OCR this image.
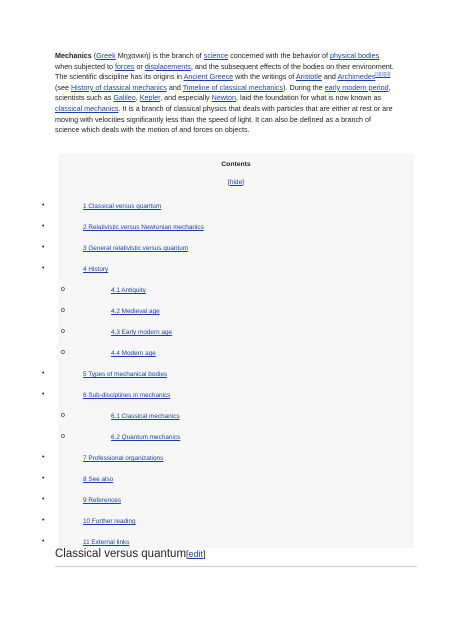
Mechanics (Greek Μηχανική) is the branch of science concerned with the behavior of physical bodies when subjected to forces or displacements, and the subsequent effects of the bodies on their environment. The scientific discipline has its origins in Ancient Greece with the writings of Aristotle and Archimedes[1][2][3] (see History of classical mechanics and Timeline of classical mechanics). During the early modern period, scientists such as Galileo, Kepler, and especially Newton, laid the foundation for what is now known as classical mechanics. It is a branch of classical physics that deals with particles that are either at rest or are moving with velocities significantly less than the speed of light. It can also be defined as a branch of science which deals with the motion of and forces on objects.
Contents
[hide]
•	1 Classical versus quantum
•	2 Relativistic versus Newtonian mechanics
•	3 General relativistic versus quantum
•	4 History
o	4.1 Antiquity
o	4.2 Medieval age
o	4.3 Early modern age
o	4.4 Modern age
•	5 Types of mechanical bodies
•	6 Sub-disciplines in mechanics
o	6.1 Classical mechanics
o	6.2 Quantum mechanics
•	7 Professional organizations
•	8 See also
•	9 References
•	10 Further reading
•	11 External links
Classical versus quantum[edit]
